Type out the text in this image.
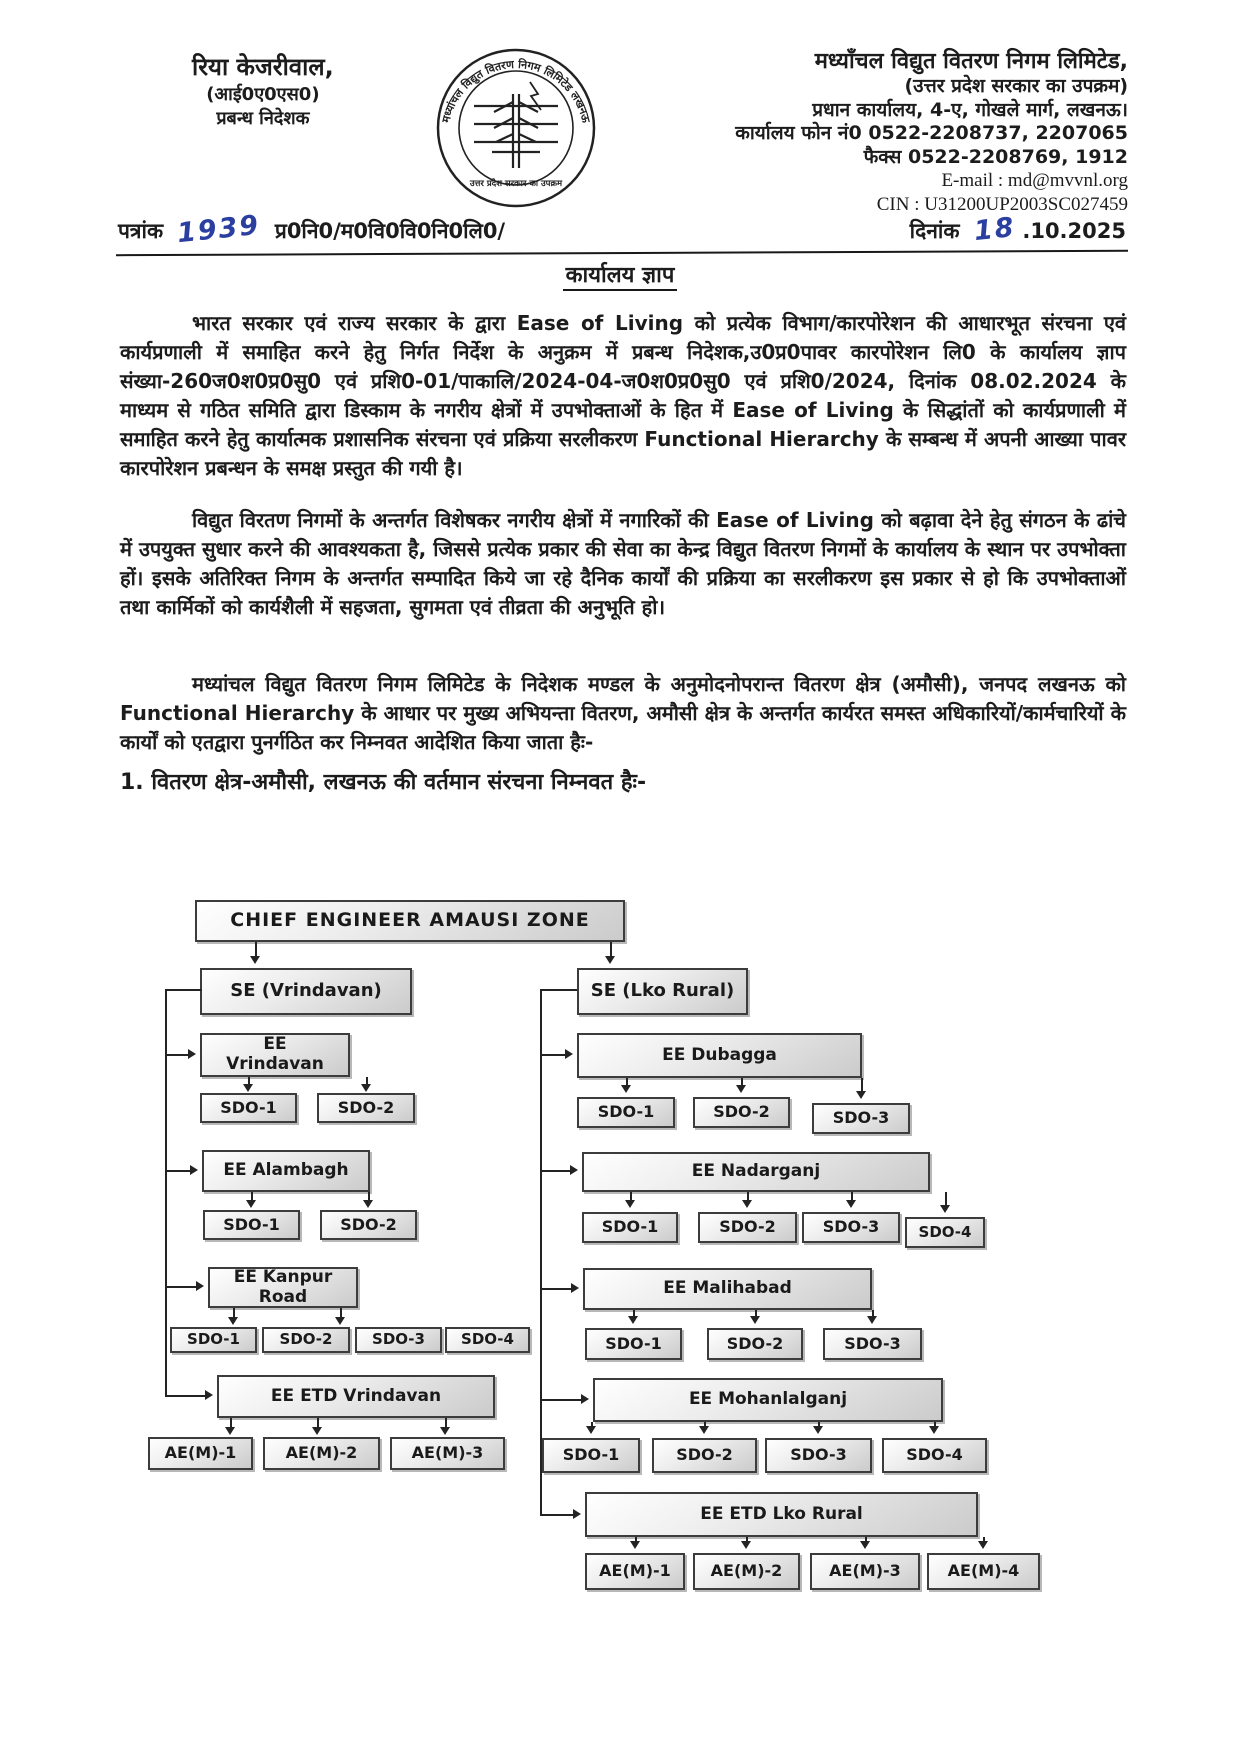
रिया केजरीवाल,
(आई0ए0एस0)
प्रबन्ध निदेशक	मध्यांचल विद्युत वितरण निगम लिमिटेड लखनऊ
उत्तर प्रदेश सरकार का उपक्रम
मध्याँचल विद्युत वितरण निगम लिमिटेड,
(उत्तर प्रदेश सरकार का उपक्रम)
प्रधान कार्यालय, 4-ए, गोखले मार्ग, लखनऊ।
कार्यालय फोन नं0 0522-2208737, 2207065
फैक्स 0522-2208769, 1912
E-mail : md@mvvnl.org
CIN : U31200UP2003SC027459
पत्रांक 1939 प्र0नि0/म0वि0वि0नि0लि0/	दिनांक 18 .10.2025
कार्यालय ज्ञाप

भारत सरकार एवं राज्य सरकार के द्वारा Ease of Living को प्रत्येक विभाग/कारपोरेशन की आधारभूत संरचना एवं कार्यप्रणाली में समाहित करने हेतु निर्गत निर्देश के अनुक्रम में प्रबन्ध निदेशक,उ0प्र0पावर कारपोरेशन लि0 के कार्यालय ज्ञाप संख्या-260ज0श0प्र0सु0 एवं प्रशि0-01/पाकालि/2024-04-ज0श0प्र0सु0 एवं प्रशि0/2024, दिनांक 08.02.2024 के माध्यम से गठित समिति द्वारा डिस्काम के नगरीय क्षेत्रों में उपभोक्ताओं के हित में Ease of Living के सिद्धांतों को कार्यप्रणाली में समाहित करने हेतु कार्यात्मक प्रशासनिक संरचना एवं प्रक्रिया सरलीकरण Functional Hierarchy के सम्बन्ध में अपनी आख्या पावर कारपोरेशन प्रबन्धन के समक्ष प्रस्तुत की गयी है।

विद्युत विरतण निगमों के अन्तर्गत विशेषकर नगरीय क्षेत्रों में नगारिकों की Ease of Living को बढ़ावा देने हेतु संगठन के ढांचे में उपयुक्त सुधार करने की आवश्यकता है, जिससे प्रत्येक प्रकार की सेवा का केन्द्र विद्युत वितरण निगमों के कार्यालय के स्थान पर उपभोक्ता हों। इसके अतिरिक्त निगम के अन्तर्गत सम्पादित किये जा रहे दैनिक कार्यों की प्रक्रिया का सरलीकरण इस प्रकार से हो कि उपभोक्ताओं तथा कार्मिकों को कार्यशैली में सहजता, सुगमता एवं तीव्रता की अनुभूति हो।

मध्यांचल विद्युत वितरण निगम लिमिटेड के निदेशक मण्डल के अनुमोदनोपरान्त वितरण क्षेत्र (अमौसी), जनपद लखनऊ को Functional Hierarchy के आधार पर मुख्य अभियन्ता वितरण, अमौसी क्षेत्र के अन्तर्गत कार्यरत समस्त अधिकारियों/कार्मचारियों के कार्यों को एतद्वारा पुनर्गठित कर निम्नवत आदेशित किया जाता हैः-

1. वितरण क्षेत्र-अमौसी, लखनऊ की वर्तमान संरचना निम्नवत हैः-
CHIEF ENGINEER AMAUSI ZONE
SE (Vrindavan)	SE (Lko Rural)
EE Vrindavan
SDO-1	SDO-2
EE Alambagh
SDO-1	SDO-2
EE Kanpur Road
SDO-1	SDO-2	SDO-3	SDO-4
EE ETD Vrindavan
AE(M)-1	AE(M)-2	AE(M)-3
EE Dubagga
SDO-1	SDO-2	SDO-3
EE Nadarganj
SDO-1	SDO-2	SDO-3	SDO-4
EE Malihabad
SDO-1	SDO-2	SDO-3
EE Mohanlalganj
SDO-1	SDO-2	SDO-3	SDO-4
EE ETD Lko Rural
AE(M)-1	AE(M)-2	AE(M)-3	AE(M)-4
